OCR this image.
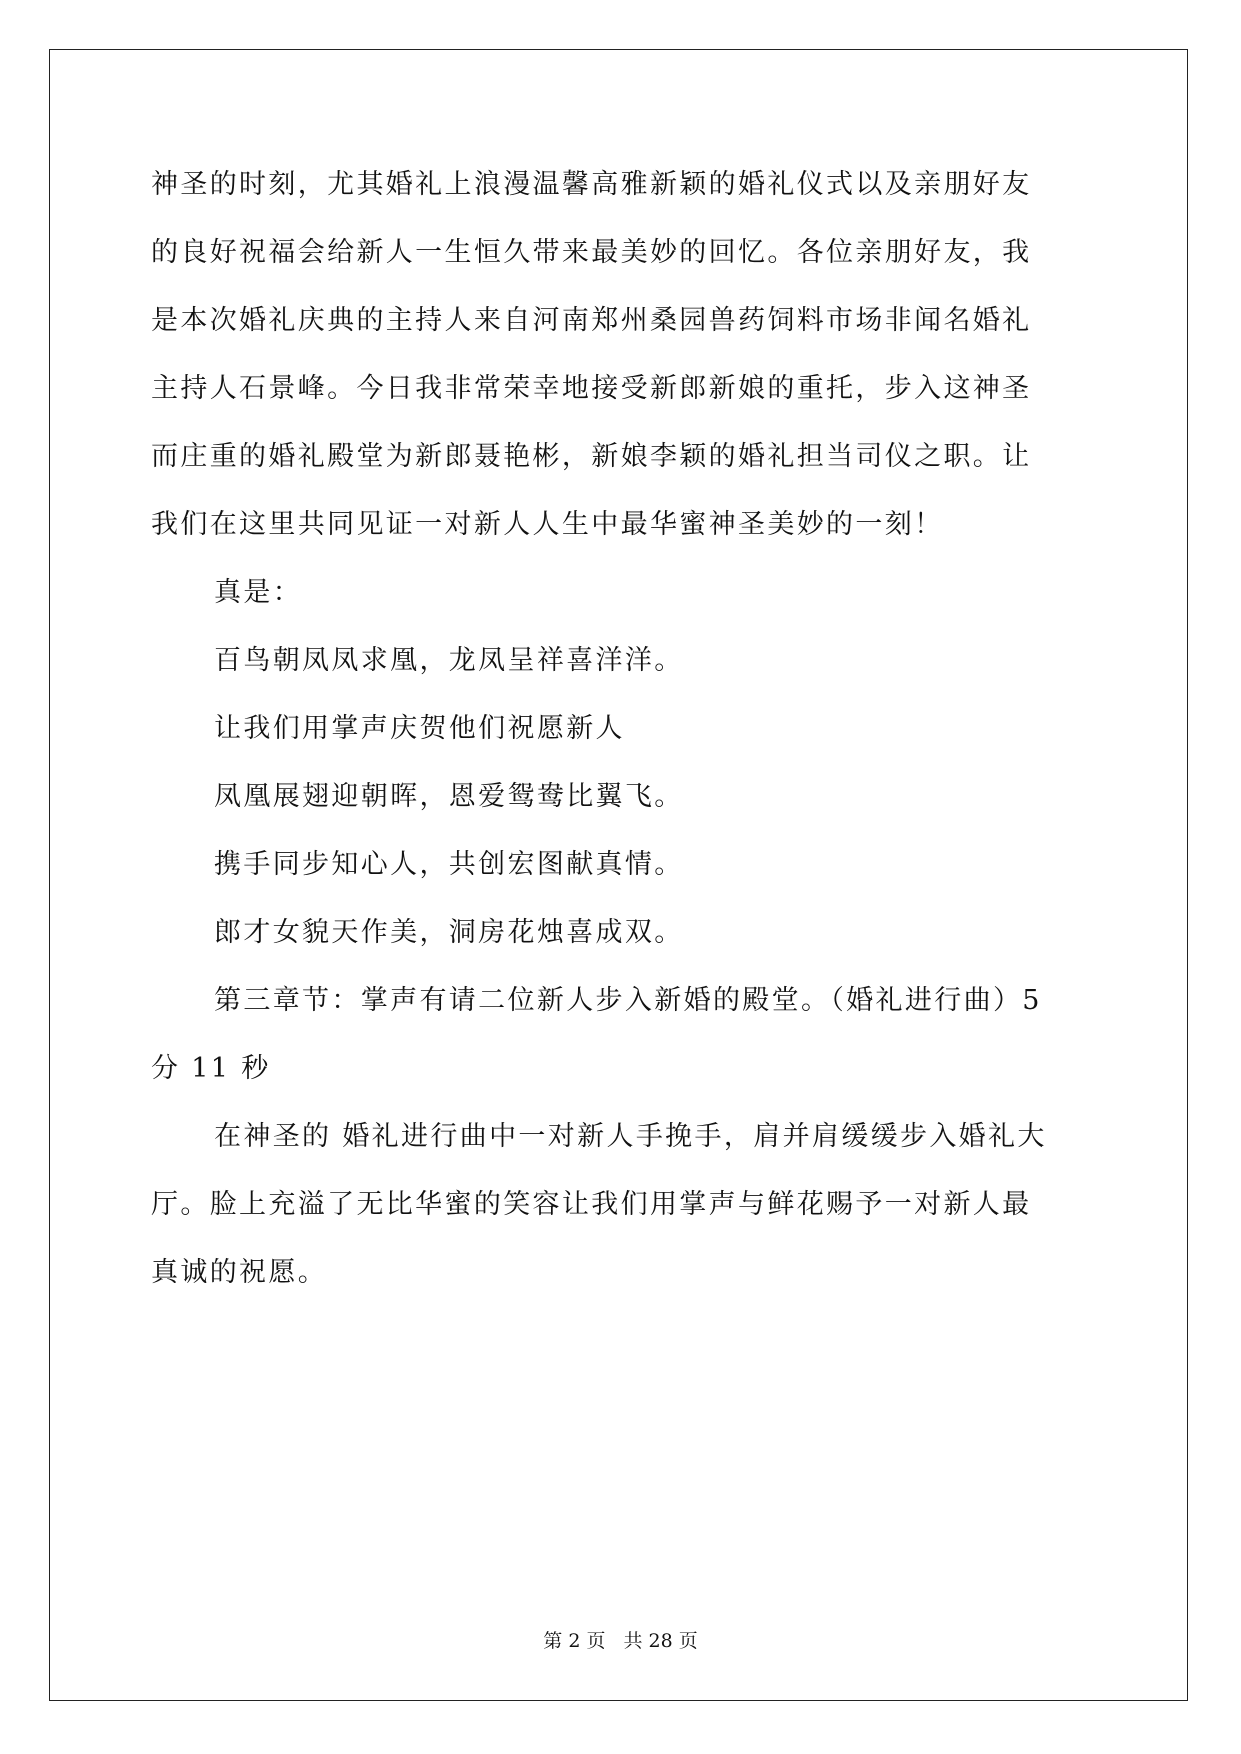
神圣的时刻，尤其婚礼上浪漫温馨高雅新颖的婚礼仪式以及亲朋好友
的良好祝福会给新人一生恒久带来最美妙的回忆。各位亲朋好友，我
是本次婚礼庆典的主持人来自河南郑州桑园兽药饲料市场非闻名婚礼
主持人石景峰。今日我非常荣幸地接受新郎新娘的重托，步入这神圣
而庄重的婚礼殿堂为新郎聂艳彬，新娘李颖的婚礼担当司仪之职。让
我们在这里共同见证一对新人人生中最华蜜神圣美妙的一刻！
真是：
百鸟朝凤凤求凰，龙凤呈祥喜洋洋。
让我们用掌声庆贺他们祝愿新人
凤凰展翅迎朝晖，恩爱鸳鸯比翼飞。
携手同步知心人，共创宏图献真情。
郎才女貌天作美，洞房花烛喜成双。
第三章节：掌声有请二位新人步入新婚的殿堂。（婚礼进行曲）5
分 11 秒
在神圣的 婚礼进行曲中一对新人手挽手，肩并肩缓缓步入婚礼大
厅。脸上充溢了无比华蜜的笑容让我们用掌声与鲜花赐予一对新人最
真诚的祝愿。
第 2 页 共 28 页
